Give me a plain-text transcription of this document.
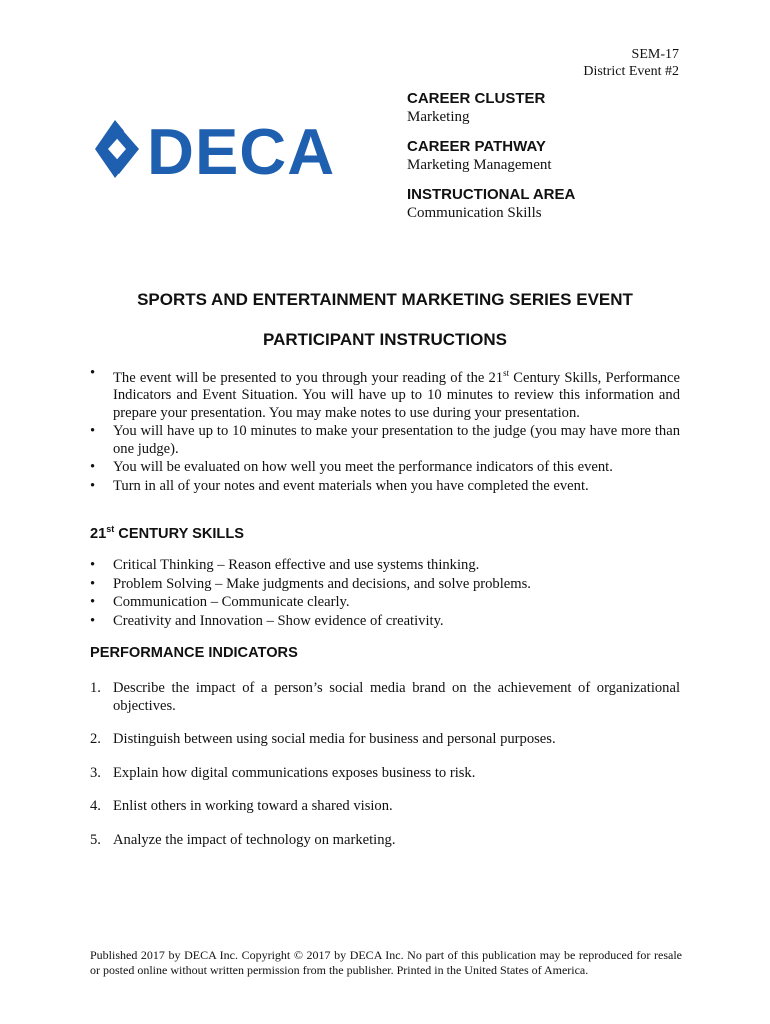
SEM-17
District Event #2
DECA
CAREER CLUSTER
Marketing
CAREER PATHWAY
Marketing Management
INSTRUCTIONAL AREA
Communication Skills
SPORTS AND ENTERTAINMENT MARKETING SERIES EVENT
PARTICIPANT INSTRUCTIONS
• The event will be presented to you through your reading of the 21st Century Skills, Performance Indicators and Event Situation. You will have up to 10 minutes to review this information and prepare your presentation. You may make notes to use during your presentation.
• You will have up to 10 minutes to make your presentation to the judge (you may have more than one judge).
• You will be evaluated on how well you meet the performance indicators of this event.
• Turn in all of your notes and event materials when you have completed the event.
21st CENTURY SKILLS
• Critical Thinking – Reason effective and use systems thinking.
• Problem Solving – Make judgments and decisions, and solve problems.
• Communication – Communicate clearly.
• Creativity and Innovation – Show evidence of creativity.
PERFORMANCE INDICATORS
1. Describe the impact of a person’s social media brand on the achievement of organizational objectives.
2. Distinguish between using social media for business and personal purposes.
3. Explain how digital communications exposes business to risk.
4. Enlist others in working toward a shared vision.
5. Analyze the impact of technology on marketing.
Published 2017 by DECA Inc. Copyright © 2017 by DECA Inc. No part of this publication may be reproduced for resale or posted online without written permission from the publisher. Printed in the United States of America.
